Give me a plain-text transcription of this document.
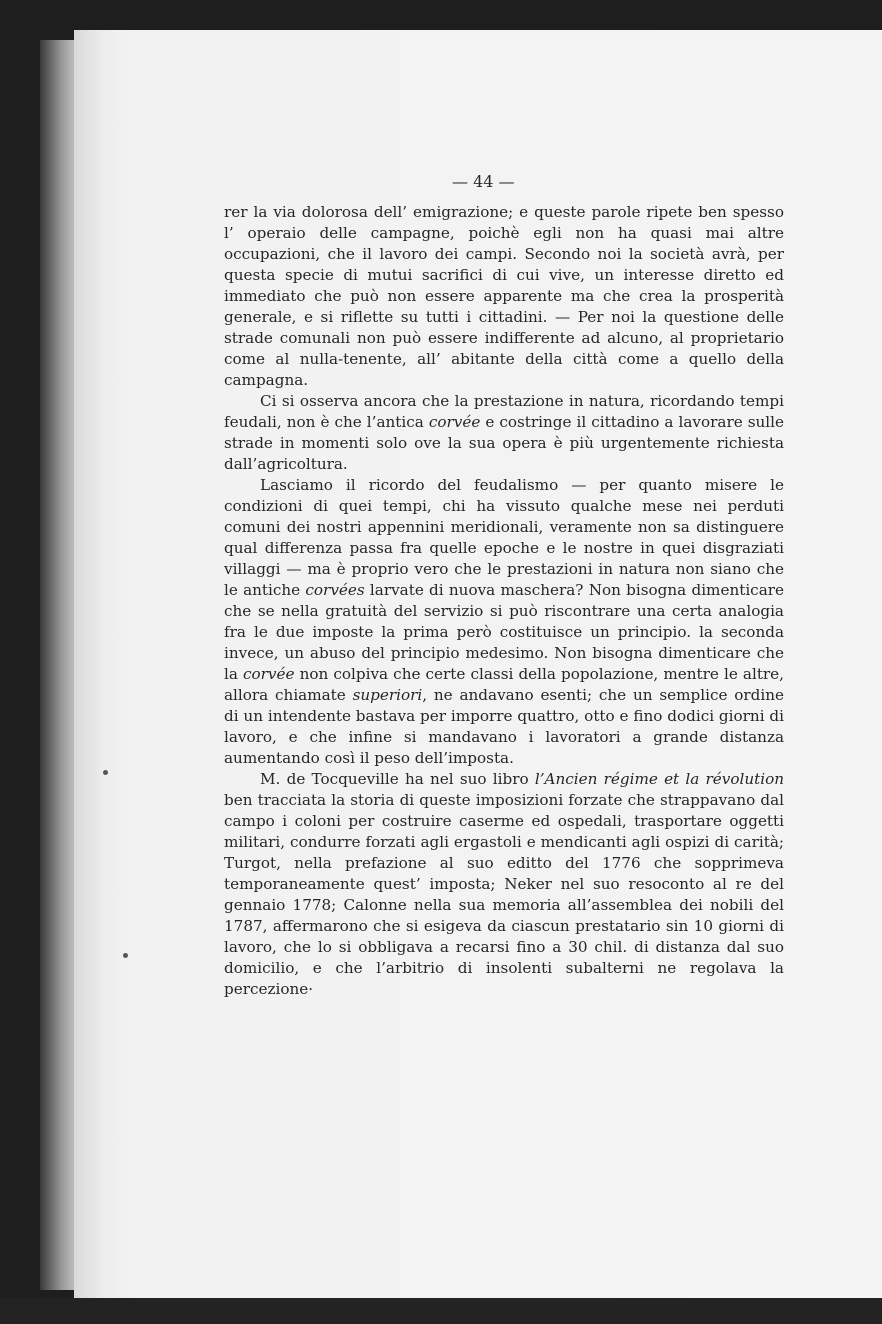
— 44 —

rer la via dolorosa dell’ emigrazione; e queste parole ripete ben spesso l’ operaio delle campagne, poichè egli non ha quasi mai altre occupazioni, che il lavoro dei campi. Secondo noi la società avrà, per questa specie di mutui sacrifici di cui vive, un interesse diretto ed immediato che può non essere apparente ma che crea la prosperità generale, e si riflette su tutti i cittadini. — Per noi la questione delle strade comunali non può essere indifferente ad alcuno, al proprietario come al nulla-tenente, all’ abitante della città come a quello della campagna.

Ci si osserva ancora che la prestazione in natura, ricordando tempi feudali, non è che l’antica corvée e costringe il cittadino a lavorare sulle strade in momenti solo ove la sua opera è più urgentemente richiesta dall’agricoltura.

Lasciamo il ricordo del feudalismo — per quanto misere le condizioni di quei tempi, chi ha vissuto qualche mese nei perduti comuni dei nostri appennini meridionali, veramente non sa distinguere qual differenza passa fra quelle epoche e le nostre in quei disgraziati villaggi — ma è proprio vero che le prestazioni in natura non siano che le antiche corvées larvate di nuova maschera? Non bisogna dimenticare che se nella gratuità del servizio si può riscontrare una certa analogia fra le due imposte la prima però costituisce un principio. la seconda invece, un abuso del principio medesimo. Non bisogna dimenticare che la corvée non colpiva che certe classi della popolazione, mentre le altre, allora chiamate superiori, ne andavano esenti; che un semplice ordine di un intendente bastava per imporre quattro, otto e fino dodici giorni di lavoro, e che infine si mandavano i lavoratori a grande distanza aumentando così il peso dell’imposta.

M. de Tocqueville ha nel suo libro l’Ancien régime et la révolution ben tracciata la storia di queste imposizioni forzate che strappavano dal campo i coloni per costruire caserme ed ospedali, trasportare oggetti militari, condurre forzati agli ergastoli e mendicanti agli ospizi di carità; Turgot, nella prefazione al suo editto del 1776 che sopprimeva temporaneamente quest’ imposta; Neker nel suo resoconto al re del gennaio 1778; Calonne nella sua memoria all’assemblea dei nobili del 1787, affermarono che si esigeva da ciascun prestatario sin 10 giorni di lavoro, che lo si obbligava a recarsi fino a 30 chil. di distanza dal suo domicilio, e che l’arbitrio di insolenti subalterni ne regolava la percezione·
